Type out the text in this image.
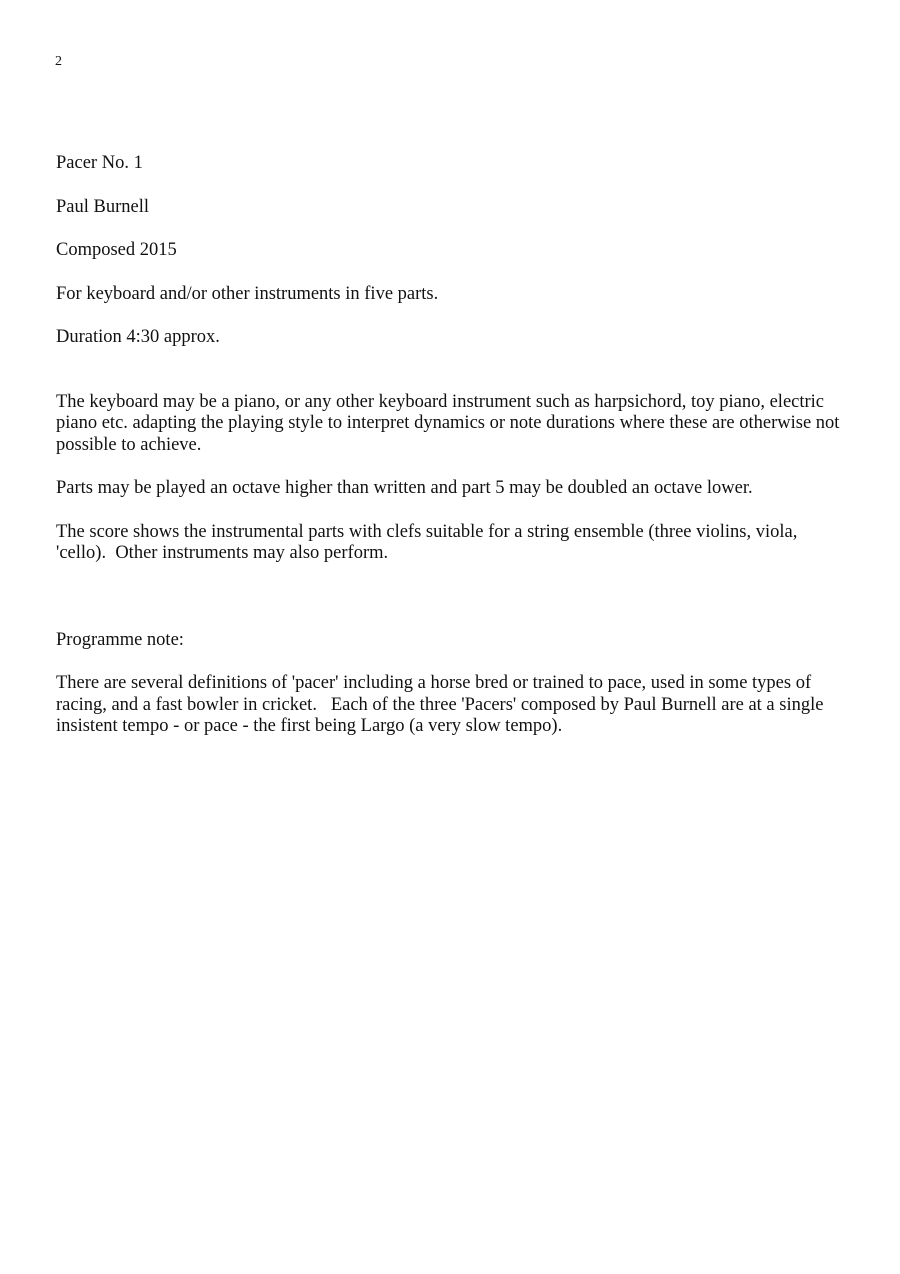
2

Pacer No. 1

Paul Burnell

Composed 2015

For keyboard and/or other instruments in five parts.

Duration 4:30 approx.

The keyboard may be a piano, or any other keyboard instrument such as harpsichord, toy piano, electric piano etc. adapting the playing style to interpret dynamics or note durations where these are otherwise not possible to achieve.

Parts may be played an octave higher than written and part 5 may be doubled an octave lower.

The score shows the instrumental parts with clefs suitable for a string ensemble (three violins, viola, 'cello).  Other instruments may also perform.

Programme note:

There are several definitions of 'pacer' including a horse bred or trained to pace, used in some types of racing, and a fast bowler in cricket.   Each of the three 'Pacers' composed by Paul Burnell are at a single insistent tempo - or pace - the first being Largo (a very slow tempo).
